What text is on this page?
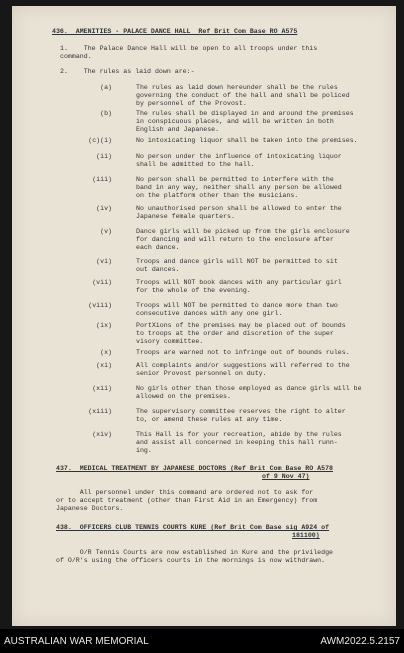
436.  AMENITIES - PALACE DANCE HALL  Ref Brit Com Base RO A575
1.    The Palace Dance Hall will be open to all troops under this
command.
2.    The rules as laid down are:-
(a)	The rules as laid down hereunder shall be the rules
governing the conduct of the hall and shall be policed
by personnel of the Provost.
(b)	The rules shall be displayed in and around the premises
in conspicuous places, and will be written in both
English and Japanese.
(c)(i)	No intoxicating liquor shall be taken into the premises.
(ii)	No person under the influence of intoxicating liquor
shall be admitted to the hall.
(iii)	No person shall be permitted to interfere with the
band in any way, neither shall any person be allowed
on the platform other than the musicians.
(iv)	No unauthorised person shall be allowed to enter the
Japanese female quarters.
(v)	Dance girls will be picked up from the girls enclosure
for dancing and will return to the enclosure after
each dance.
(vi)	Troops and dance girls will NOT be permitted to sit
out dances.
(vii)	Troops will NOT book dances with any particular girl
for the whole of the evening.
(viii)	Troops will NOT be permitted to dance more than two
consecutive dances with any one girl.
(ix)	PortXions of the premises may be placed out of bounds
to troops at the order and discretion of the super
visory committee.
(x)	Troops are warned not to infringe out of bounds rules.
(xi)	All complaints and/or suggestions will referred to the
senior Provost personnel on duty.
(xii)	No girls other than those employed as dance girls will be
allowed on the premises.
(xiii)	The supervisory committee reserves the right to alter
to, or amend these rules at any time.
(xiv)	This Hall is for your recreation, abide by the rules
and assist all concerned in keeping this hall runn-
ing.
437.  MEDICAL TREATMENT BY JAPANESE DOCTORS (Ref Brit Com Base RO A578
of 9 Nov 47)
All personnel under this command are ordered not to ask for
or to accept treatment (other than First Aid in an Emergency) from
Japanese Doctors.
438.  OFFICERS CLUB TENNIS COURTS KURE (Ref Brit Com Base sig A924 of
181100)
O/R Tennis Courts are now established in Kure and the priviledge
of O/R's using the officers courts in the mornings is now withdrawn.
AUSTRALIAN WAR MEMORIAL	AWM2022.5.2157
